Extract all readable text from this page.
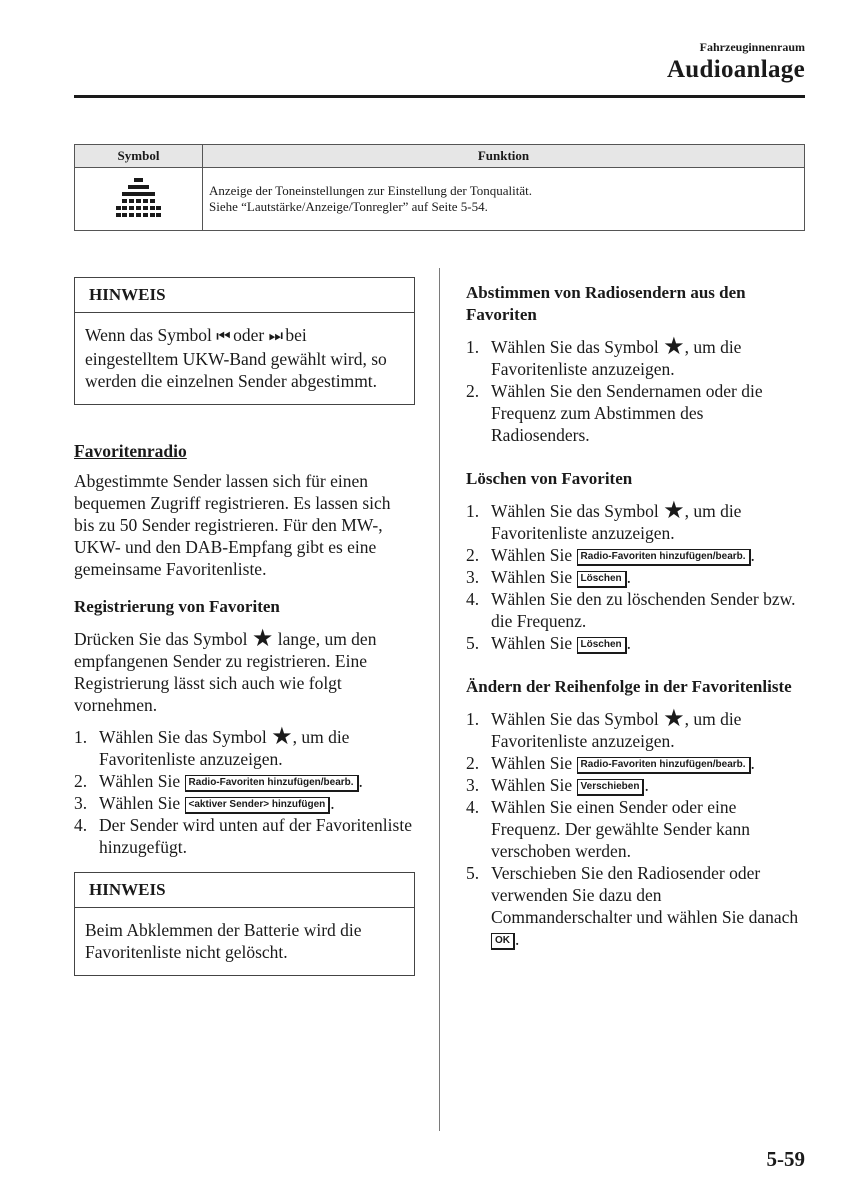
Fahrzeuginnenraum
Audioanlage
Symbol	Funktion

Anzeige der Toneinstellungen zur Einstellung der Tonqualität.

Siehe “Lautstärke/Anzeige/Tonregler” auf Seite 5-54.

HINWEIS

Wenn das Symbol ⏮ oder ⏭ bei eingestelltem UKW-Band gewählt wird, so werden die einzelnen Sender abgestimmt.

Favoritenradio

Abgestimmte Sender lassen sich für einen bequemen Zugriff registrieren. Es lassen sich bis zu 50 Sender registrieren. Für den MW-, UKW- und den DAB-Empfang gibt es eine gemeinsame Favoritenliste.

Registrierung von Favoriten

Drücken Sie das Symbol ★ lange, um den empfangenen Sender zu registrieren. Eine Registrierung lässt sich auch wie folgt vornehmen.

1. Wählen Sie das Symbol ★, um die Favoritenliste anzuzeigen.
2. Wählen Sie Radio-Favoriten hinzufügen/bearb. .
3. Wählen Sie <aktiver Sender> hinzufügen .
4. Der Sender wird unten auf der Favoritenliste hinzugefügt.
HINWEIS

Beim Abklemmen der Batterie wird die Favoritenliste nicht gelöscht.

Abstimmen von Radiosendern aus den Favoriten
1. Wählen Sie das Symbol ★, um die Favoritenliste anzuzeigen.
2. Wählen Sie den Sendernamen oder die Frequenz zum Abstimmen des Radiosenders.
Löschen von Favoriten
1. Wählen Sie das Symbol ★, um die Favoritenliste anzuzeigen.
2. Wählen Sie Radio-Favoriten hinzufügen/bearb. .
3. Wählen Sie Löschen .
4. Wählen Sie den zu löschenden Sender bzw. die Frequenz.
5. Wählen Sie Löschen .
Ändern der Reihenfolge in der Favoritenliste
1. Wählen Sie das Symbol ★, um die Favoritenliste anzuzeigen.
2. Wählen Sie Radio-Favoriten hinzufügen/bearb. .
3. Wählen Sie Verschieben .
4. Wählen Sie einen Sender oder eine Frequenz. Der gewählte Sender kann verschoben werden.
5. Verschieben Sie den Radiosender oder verwenden Sie dazu den Commanderschalter und wählen Sie danach OK .
5-59
